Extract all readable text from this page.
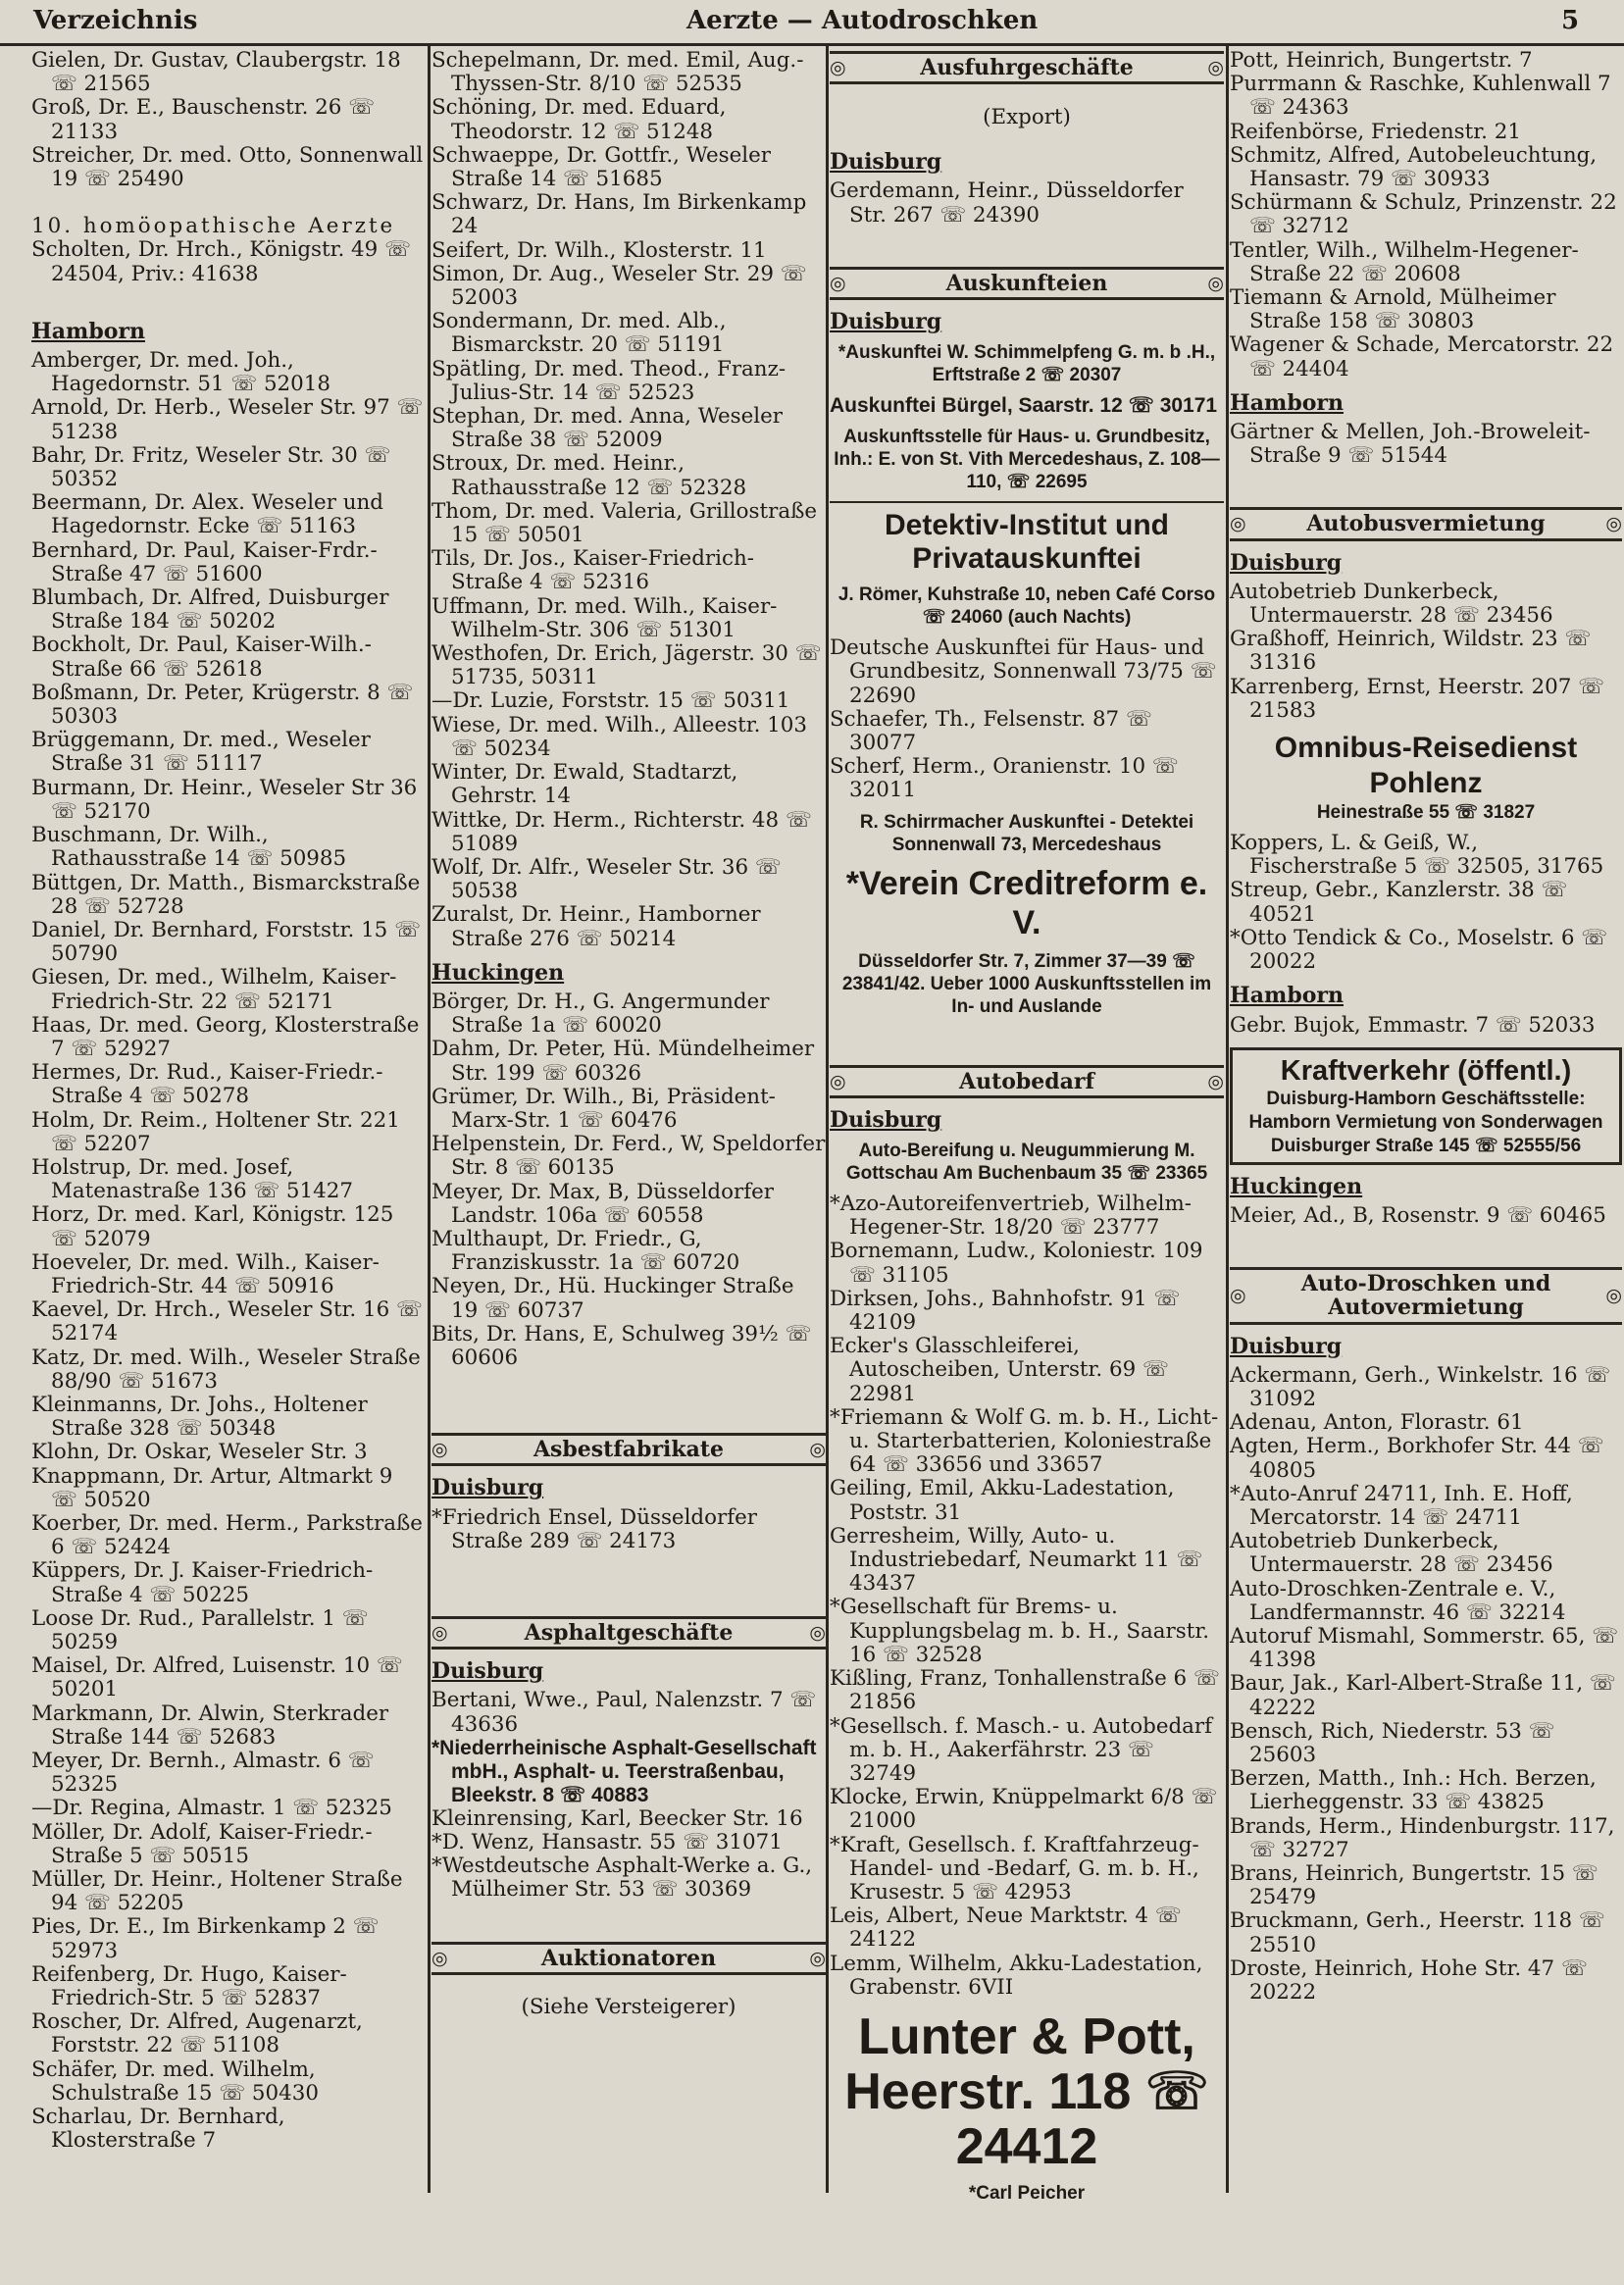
Verzeichnis	Aerzte — Autodroschken	5

Gielen, Dr. Gustav, Claubergstr. 18 ☏ 21565

Groß, Dr. E., Bauschenstr. 26 ☏ 21133

Streicher, Dr. med. Otto, Sonnenwall 19 ☏ 25490

10. homöopathische Aerzte

Scholten, Dr. Hrch., Königstr. 49 ☏ 24504, Priv.: 41638

Hamborn

Amberger, Dr. med. Joh., Hagedornstr. 51 ☏ 52018

Arnold, Dr. Herb., Weseler Str. 97 ☏ 51238

Bahr, Dr. Fritz, Weseler Str. 30 ☏ 50352

Beermann, Dr. Alex. Weseler und Hagedornstr. Ecke ☏ 51163

Bernhard, Dr. Paul, Kaiser-Frdr.-Straße 47 ☏ 51600

Blumbach, Dr. Alfred, Duisburger Straße 184 ☏ 50202

Bockholt, Dr. Paul, Kaiser-Wilh.-Straße 66 ☏ 52618

Boßmann, Dr. Peter, Krügerstr. 8 ☏ 50303

Brüggemann, Dr. med., Weseler Straße 31 ☏ 51117

Burmann, Dr. Heinr., Weseler Str 36 ☏ 52170

Buschmann, Dr. Wilh., Rathausstraße 14 ☏ 50985

Büttgen, Dr. Matth., Bismarckstraße 28 ☏ 52728

Daniel, Dr. Bernhard, Forststr. 15 ☏ 50790

Giesen, Dr. med., Wilhelm, Kaiser-Friedrich-Str. 22 ☏ 52171

Haas, Dr. med. Georg, Klosterstraße 7 ☏ 52927

Hermes, Dr. Rud., Kaiser-Friedr.-Straße 4 ☏ 50278

Holm, Dr. Reim., Holtener Str. 221 ☏ 52207

Holstrup, Dr. med. Josef, Matenastraße 136 ☏ 51427

Horz, Dr. med. Karl, Königstr. 125 ☏ 52079

Hoeveler, Dr. med. Wilh., Kaiser-Friedrich-Str. 44 ☏ 50916

Kaevel, Dr. Hrch., Weseler Str. 16 ☏ 52174

Katz, Dr. med. Wilh., Weseler Straße 88/90 ☏ 51673

Kleinmanns, Dr. Johs., Holtener Straße 328 ☏ 50348

Klohn, Dr. Oskar, Weseler Str. 3

Knappmann, Dr. Artur, Altmarkt 9 ☏ 50520

Koerber, Dr. med. Herm., Parkstraße 6 ☏ 52424

Küppers, Dr. J. Kaiser-Friedrich-Straße 4 ☏ 50225

Loose Dr. Rud., Parallelstr. 1 ☏ 50259

Maisel, Dr. Alfred, Luisenstr. 10 ☏ 50201

Markmann, Dr. Alwin, Sterkrader Straße 144 ☏ 52683

Meyer, Dr. Bernh., Almastr. 6 ☏ 52325

—Dr. Regina, Almastr. 1 ☏ 52325

Möller, Dr. Adolf, Kaiser-Friedr.-Straße 5 ☏ 50515

Müller, Dr. Heinr., Holtener Straße 94 ☏ 52205

Pies, Dr. E., Im Birkenkamp 2 ☏ 52973

Reifenberg, Dr. Hugo, Kaiser-Friedrich-Str. 5 ☏ 52837

Roscher, Dr. Alfred, Augenarzt, Forststr. 22 ☏ 51108

Schäfer, Dr. med. Wilhelm, Schulstraße 15 ☏ 50430

Scharlau, Dr. Bernhard, Klosterstraße 7

Schepelmann, Dr. med. Emil, Aug.-Thyssen-Str. 8/10 ☏ 52535

Schöning, Dr. med. Eduard, Theodorstr. 12 ☏ 51248

Schwaeppe, Dr. Gottfr., Weseler Straße 14 ☏ 51685

Schwarz, Dr. Hans, Im Birkenkamp 24

Seifert, Dr. Wilh., Klosterstr. 11

Simon, Dr. Aug., Weseler Str. 29 ☏ 52003

Sondermann, Dr. med. Alb., Bismarckstr. 20 ☏ 51191

Spätling, Dr. med. Theod., Franz-Julius-Str. 14 ☏ 52523

Stephan, Dr. med. Anna, Weseler Straße 38 ☏ 52009

Stroux, Dr. med. Heinr., Rathausstraße 12 ☏ 52328

Thom, Dr. med. Valeria, Grillostraße 15 ☏ 50501

Tils, Dr. Jos., Kaiser-Friedrich-Straße 4 ☏ 52316

Uffmann, Dr. med. Wilh., Kaiser-Wilhelm-Str. 306 ☏ 51301

Westhofen, Dr. Erich, Jägerstr. 30 ☏ 51735, 50311

—Dr. Luzie, Forststr. 15 ☏ 50311

Wiese, Dr. med. Wilh., Alleestr. 103 ☏ 50234

Winter, Dr. Ewald, Stadtarzt, Gehrstr. 14

Wittke, Dr. Herm., Richterstr. 48 ☏ 51089

Wolf, Dr. Alfr., Weseler Str. 36 ☏ 50538

Zuralst, Dr. Heinr., Hamborner Straße 276 ☏ 50214

Huckingen

Börger, Dr. H., G. Angermunder Straße 1a ☏ 60020

Dahm, Dr. Peter, Hü. Mündelheimer Str. 199 ☏ 60326

Grümer, Dr. Wilh., Bi, Präsident-Marx-Str. 1 ☏ 60476

Helpenstein, Dr. Ferd., W, Speldorfer Str. 8 ☏ 60135

Meyer, Dr. Max, B, Düsseldorfer Landstr. 106a ☏ 60558

Multhaupt, Dr. Friedr., G, Franziskusstr. 1a ☏ 60720

Neyen, Dr., Hü. Huckinger Straße 19 ☏ 60737

Bits, Dr. Hans, E, Schulweg 39½ ☏ 60606

◎	Asbestfabrikate	◎
Duisburg

*Friedrich Ensel, Düsseldorfer Straße 289 ☏ 24173

◎	Asphaltgeschäfte	◎
Duisburg

Bertani, Wwe., Paul, Nalenzstr. 7 ☏ 43636

*Niederrheinische Asphalt-Gesellschaft mbH., Asphalt- u. Teerstraßenbau, Bleekstr. 8 ☏ 40883

Kleinrensing, Karl, Beecker Str. 16

*D. Wenz, Hansastr. 55 ☏ 31071

*Westdeutsche Asphalt-Werke a. G., Mülheimer Str. 53 ☏ 30369

◎	Auktionatoren	◎

(Siehe Versteigerer)

◎	Ausfuhrgeschäfte	◎

(Export)

Duisburg

Gerdemann, Heinr., Düsseldorfer Str. 267 ☏ 24390

◎	Auskunfteien	◎
Duisburg
*Auskunftei W. Schimmelpfeng G. m. b .H., Erftstraße 2 ☏ 20307

Auskunftei Bürgel, Saarstr. 12 ☏ 30171

Auskunftsstelle für Haus- u. Grundbesitz, Inh.: E. von St. Vith Mercedeshaus, Z. 108—110, ☏ 22695
Detektiv-Institut und Privatauskunftei
J. Römer, Kuhstraße 10, neben Café Corso ☏ 24060 (auch Nachts)

Deutsche Auskunftei für Haus- und Grundbesitz, Sonnenwall 73/75 ☏ 22690

Schaefer, Th., Felsenstr. 87 ☏ 30077

Scherf, Herm., Oranienstr. 10 ☏ 32011

R. Schirrmacher Auskunftei - Detektei Sonnenwall 73, Mercedeshaus
*Verein Creditreform e. V.
Düsseldorfer Str. 7, Zimmer 37—39 ☏ 23841/42. Ueber 1000 Auskunftsstellen im In- und Auslande
◎	Autobedarf	◎
Duisburg
Auto-Bereifung u. Neugummierung M. Gottschau Am Buchenbaum 35 ☏ 23365

*Azo-Autoreifenvertrieb, Wilhelm-Hegener-Str. 18/20 ☏ 23777

Bornemann, Ludw., Koloniestr. 109 ☏ 31105

Dirksen, Johs., Bahnhofstr. 91 ☏ 42109

Ecker's Glasschleiferei, Autoscheiben, Unterstr. 69 ☏ 22981

*Friemann & Wolf G. m. b. H., Licht- u. Starterbatterien, Koloniestraße 64 ☏ 33656 und 33657

Geiling, Emil, Akku-Ladestation, Poststr. 31

Gerresheim, Willy, Auto- u. Industriebedarf, Neumarkt 11 ☏ 43437

*Gesellschaft für Brems- u. Kupplungsbelag m. b. H., Saarstr. 16 ☏ 32528

Kißling, Franz, Tonhallenstraße 6 ☏ 21856

*Gesellsch. f. Masch.- u. Autobedarf m. b. H., Aakerfährstr. 23 ☏ 32749

Klocke, Erwin, Knüppelmarkt 6/8 ☏ 21000

*Kraft, Gesellsch. f. Kraftfahrzeug-Handel- und -Bedarf, G. m. b. H., Krusestr. 5 ☏ 42953

Leis, Albert, Neue Marktstr. 4 ☏ 24122

Lemm, Wilhelm, Akku-Ladestation, Grabenstr. 6VII

Lunter & Pott, Heerstr. 118 ☏ 24412
*Carl Peicher

Pott, Heinrich, Bungertstr. 7

Purrmann & Raschke, Kuhlenwall 7 ☏ 24363

Reifenbörse, Friedenstr. 21

Schmitz, Alfred, Autobeleuchtung, Hansastr. 79 ☏ 30933

Schürmann & Schulz, Prinzenstr. 22 ☏ 32712

Tentler, Wilh., Wilhelm-Hegener-Straße 22 ☏ 20608

Tiemann & Arnold, Mülheimer Straße 158 ☏ 30803

Wagener & Schade, Mercatorstr. 22 ☏ 24404

Hamborn

Gärtner & Mellen, Joh.-Broweleit-Straße 9 ☏ 51544

◎	Autobusvermietung	◎
Duisburg

Autobetrieb Dunkerbeck, Untermauerstr. 28 ☏ 23456

Graßhoff, Heinrich, Wildstr. 23 ☏ 31316

Karrenberg, Ernst, Heerstr. 207 ☏ 21583

Omnibus-Reisedienst Pohlenz
Heinestraße 55 ☏ 31827

Koppers, L. & Geiß, W., Fischerstraße 5 ☏ 32505, 31765

Streup, Gebr., Kanzlerstr. 38 ☏ 40521

*Otto Tendick & Co., Moselstr. 6 ☏ 20022

Hamborn

Gebr. Bujok, Emmastr. 7 ☏ 52033

Kraftverkehr (öffentl.)
Duisburg-Hamborn Geschäftsstelle: Hamborn Vermietung von Sonderwagen Duisburger Straße 145 ☏ 52555/56
Huckingen

Meier, Ad., B, Rosenstr. 9 ☏ 60465

◎	Auto-Droschken und Autovermietung	◎
Duisburg

Ackermann, Gerh., Winkelstr. 16 ☏ 31092

Adenau, Anton, Florastr. 61

Agten, Herm., Borkhofer Str. 44 ☏ 40805

*Auto-Anruf 24711, Inh. E. Hoff, Mercatorstr. 14 ☏ 24711

Autobetrieb Dunkerbeck, Untermauerstr. 28 ☏ 23456

Auto-Droschken-Zentrale e. V., Landfermannstr. 46 ☏ 32214

Autoruf Mismahl, Sommerstr. 65, ☏ 41398

Baur, Jak., Karl-Albert-Straße 11, ☏ 42222

Bensch, Rich, Niederstr. 53 ☏ 25603

Berzen, Matth., Inh.: Hch. Berzen, Lierheggenstr. 33 ☏ 43825

Brands, Herm., Hindenburgstr. 117, ☏ 32727

Brans, Heinrich, Bungertstr. 15 ☏ 25479

Bruckmann, Gerh., Heerstr. 118 ☏ 25510

Droste, Heinrich, Hohe Str. 47 ☏ 20222
